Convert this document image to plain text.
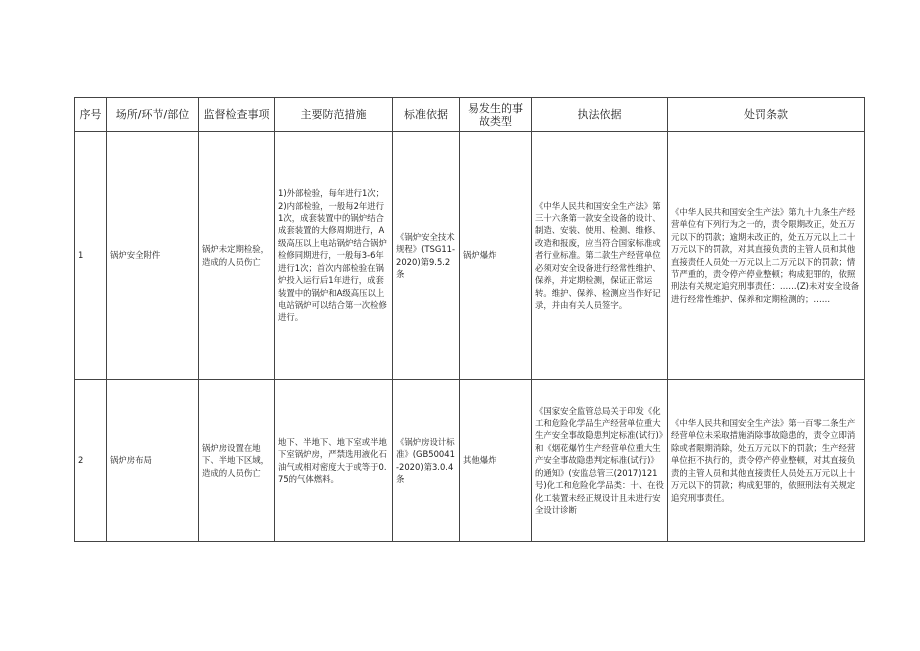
序号	场所/环节/部位	监督检查事项	主要防范措施	标准依据	易发生的事故类型	执法依据	处罚条款
1	锅炉安全附件	锅炉未定期检验，造成的人员伤亡	1)外部检验，每年进行1次；2)内部检验，一般每2年进行1次，成套装置中的锅炉结合成套装置的大修周期进行，A级高压以上电站锅炉结合锅炉检修同期进行，一般每3-6年进行1次；首次内部检验在锅炉投入运行后1年进行，成套装置中的锅炉和A级高压以上电站锅炉可以结合第一次检修进行。	《锅炉安全技术规程》(TSG11-2020)第9.5.2条	锅炉爆炸	《中华人民共和国安全生产法》第三十六条第一款安全设备的设计、制造、安装、使用、检测、维修、改造和报废，应当符合国家标准或者行业标准。第二款生产经营单位必须对安全设备进行经常性维护、保养，并定期检测，保证正常运转。维护、保养、检测应当作好记录，并由有关人员签字。	《中华人民共和国安全生产法》第九十九条生产经营单位有下列行为之一的，责令限期改正，处五万元以下的罚款；逾期未改正的，处五万元以上二十万元以下的罚款，对其直接负责的主管人员和其他直接责任人员处一万元以上二万元以下的罚款；情节严重的，责令停产停业整顿；构成犯罪的，依照刑法有关规定追究刑事责任：……(Z)未对安全设备进行经常性维护、保养和定期检测的；……
2	锅炉房布局	锅炉房设置在地下、半地下区域，造成的人员伤亡	地下、半地下、地下室或半地下室锅炉房，严禁选用液化石油气或相对密度大于或等于0.75的气体燃料。	《锅炉房设计标准》(GB50041-2020)第3.0.4条	其他爆炸	《国家安全监管总局关于印发《化工和危险化学品生产经营单位重大生产安全事故隐患判定标准(试行)》和《烟花爆竹生产经营单位重大生产安全事故隐患判定标准(试行)》的通知》(安监总管三(2017)121号)化工和危险化学品类：十、在役化工装置未经正规设计且未进行安全设计诊断	《中华人民共和国安全生产法》第一百零二条生产经营单位未采取措施消除事故隐患的，责令立即消除或者限期消除，处五万元以下的罚款；生产经营单位拒不执行的，责令停产停业整顿，对其直接负责的主管人员和其他直接责任人员处五万元以上十万元以下的罚款；构成犯罪的，依照刑法有关规定追究刑事责任。
